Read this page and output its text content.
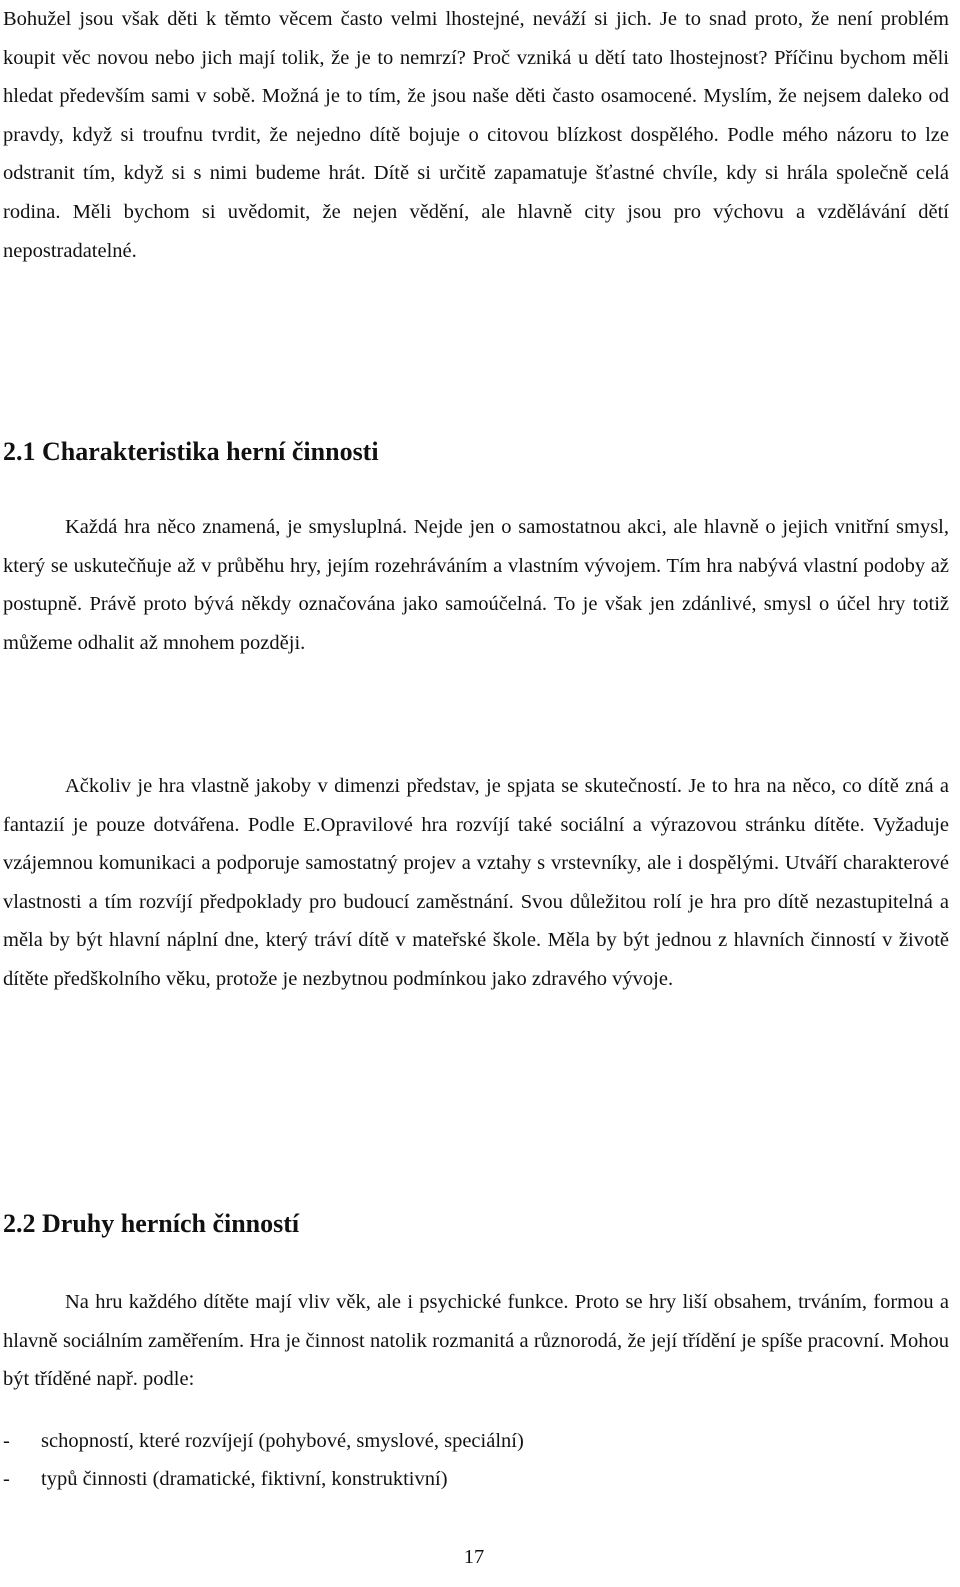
Bohužel jsou však děti k těmto věcem často velmi lhostejné, neváží si jich. Je to snad proto, že není problém koupit věc novou nebo jich mají tolik, že je to nemrzí? Proč vzniká u dětí tato lhostejnost? Příčinu bychom měli hledat především sami v sobě. Možná je to tím, že jsou naše děti často osamocené. Myslím, že nejsem daleko od pravdy, když si troufnu tvrdit, že nejedno dítě bojuje o citovou blízkost dospělého. Podle mého názoru to lze odstranit tím, když si s nimi budeme hrát. Dítě si určitě zapamatuje šťastné chvíle, kdy si hrála společně celá rodina. Měli bychom si uvědomit, že nejen vědění, ale hlavně city jsou pro výchovu a vzdělávání dětí nepostradatelné.

2.1 Charakteristika herní činnosti

Každá hra něco znamená, je smysluplná. Nejde jen o samostatnou akci, ale hlavně o jejich vnitřní smysl, který se uskutečňuje až v průběhu hry, jejím rozehráváním a vlastním vývojem. Tím hra nabývá vlastní podoby až postupně. Právě proto bývá někdy označována jako samoúčelná. To je však jen zdánlivé, smysl o účel hry totiž můžeme odhalit až mnohem později.

Ačkoliv je hra vlastně jakoby v dimenzi představ, je spjata se skutečností. Je to hra na něco, co dítě zná a fantazií je pouze dotvářena. Podle E.Opravilové hra rozvíjí také sociální a výrazovou stránku dítěte. Vyžaduje vzájemnou komunikaci a podporuje samostatný projev a vztahy s vrstevníky, ale i dospělými. Utváří charakterové vlastnosti a tím rozvíjí předpoklady pro budoucí zaměstnání. Svou důležitou rolí je hra pro dítě nezastupitelná a měla by být hlavní náplní dne, který tráví dítě v mateřské škole. Měla by být jednou z hlavních činností v životě dítěte předškolního věku, protože je nezbytnou podmínkou jako zdravého vývoje.

2.2 Druhy herních činností

Na hru každého dítěte mají vliv věk, ale i psychické funkce. Proto se hry liší obsahem, trváním, formou a hlavně sociálním zaměřením. Hra je činnost natolik rozmanitá a různorodá, že její třídění je spíše pracovní. Mohou být tříděné např. podle:

- schopností, které rozvíjejí (pohybové, smyslové, speciální)
- typů činnosti (dramatické, fiktivní, konstruktivní)
17
